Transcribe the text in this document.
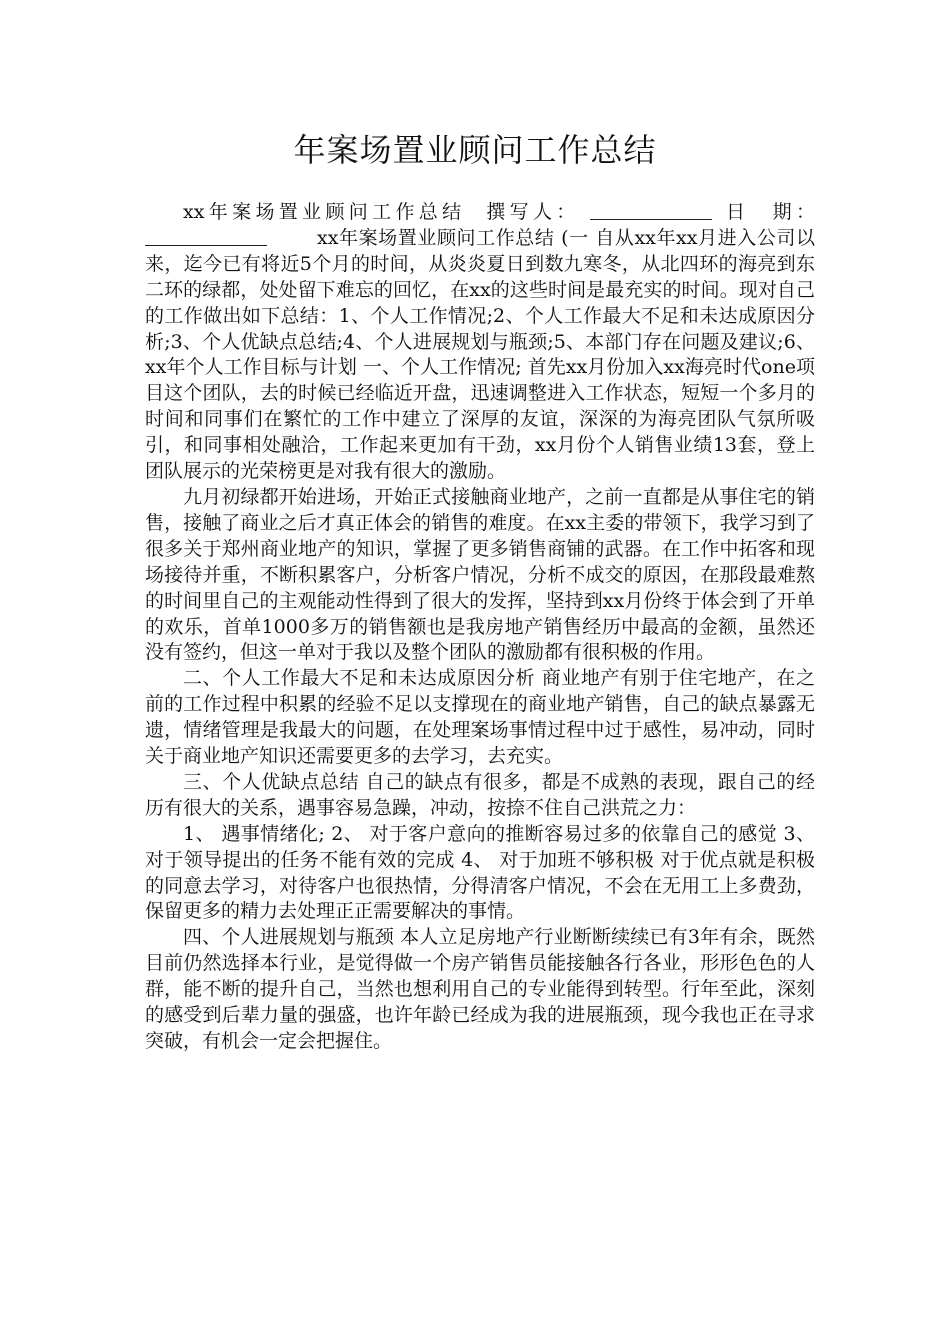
年案场置业顾问工作总结

xx年案场置业顾问工作总结 撰写人：	日　期：xx年案场置业顾问工作总结 (一 自从xx年xx月进入公司以来，迄今已有将近5个月的时间，从炎炎夏日到数九寒冬，从北四环的海亮到东二环的绿都，处处留下难忘的回忆，在xx的这些时间是最充实的时间。现对自己的工作做出如下总结：1、个人工作情况;2、个人工作最大不足和未达成原因分析;3、个人优缺点总结;4、个人进展规划与瓶颈;5、本部门存在问题及建议;6、xx年个人工作目标与计划 一、个人工作情况; 首先xx月份加入xx海亮时代one项目这个团队，去的时候已经临近开盘，迅速调整进入工作状态，短短一个多月的时间和同事们在繁忙的工作中建立了深厚的友谊，深深的为海亮团队气氛所吸引，和同事相处融洽，工作起来更加有干劲，xx月份个人销售业绩13套，登上团队展示的光荣榜更是对我有很大的激励。

九月初绿都开始进场，开始正式接触商业地产，之前一直都是从事住宅的销售，接触了商业之后才真正体会的销售的难度。在xx主委的带领下，我学习到了很多关于郑州商业地产的知识，掌握了更多销售商铺的武器。在工作中拓客和现场接待并重，不断积累客户，分析客户情况，分析不成交的原因，在那段最难熬的时间里自己的主观能动性得到了很大的发挥，坚持到xx月份终于体会到了开单的欢乐，首单1000多万的销售额也是我房地产销售经历中最高的金额，虽然还没有签约，但这一单对于我以及整个团队的激励都有很积极的作用。

二、个人工作最大不足和未达成原因分析 商业地产有别于住宅地产，在之前的工作过程中积累的经验不足以支撑现在的商业地产销售，自己的缺点暴露无遗，情绪管理是我最大的问题，在处理案场事情过程中过于感性，易冲动，同时关于商业地产知识还需要更多的去学习，去充实。

三、个人优缺点总结 自己的缺点有很多，都是不成熟的表现，跟自己的经历有很大的关系，遇事容易急躁，冲动，按捺不住自己洪荒之力：

1、 遇事情绪化; 2、 对于客户意向的推断容易过多的依靠自己的感觉 3、 对于领导提出的任务不能有效的完成 4、 对于加班不够积极 对于优点就是积极的同意去学习，对待客户也很热情，分得清客户情况，不会在无用工上多费劲，保留更多的精力去处理正正需要解决的事情。

四、个人进展规划与瓶颈 本人立足房地产行业断断续续已有3年有余，既然目前仍然选择本行业，是觉得做一个房产销售员能接触各行各业，形形色色的人群，能不断的提升自己，当然也想利用自己的专业能得到转型。行年至此，深刻的感受到后辈力量的强盛，也许年龄已经成为我的进展瓶颈，现今我也正在寻求突破，有机会一定会把握住。
